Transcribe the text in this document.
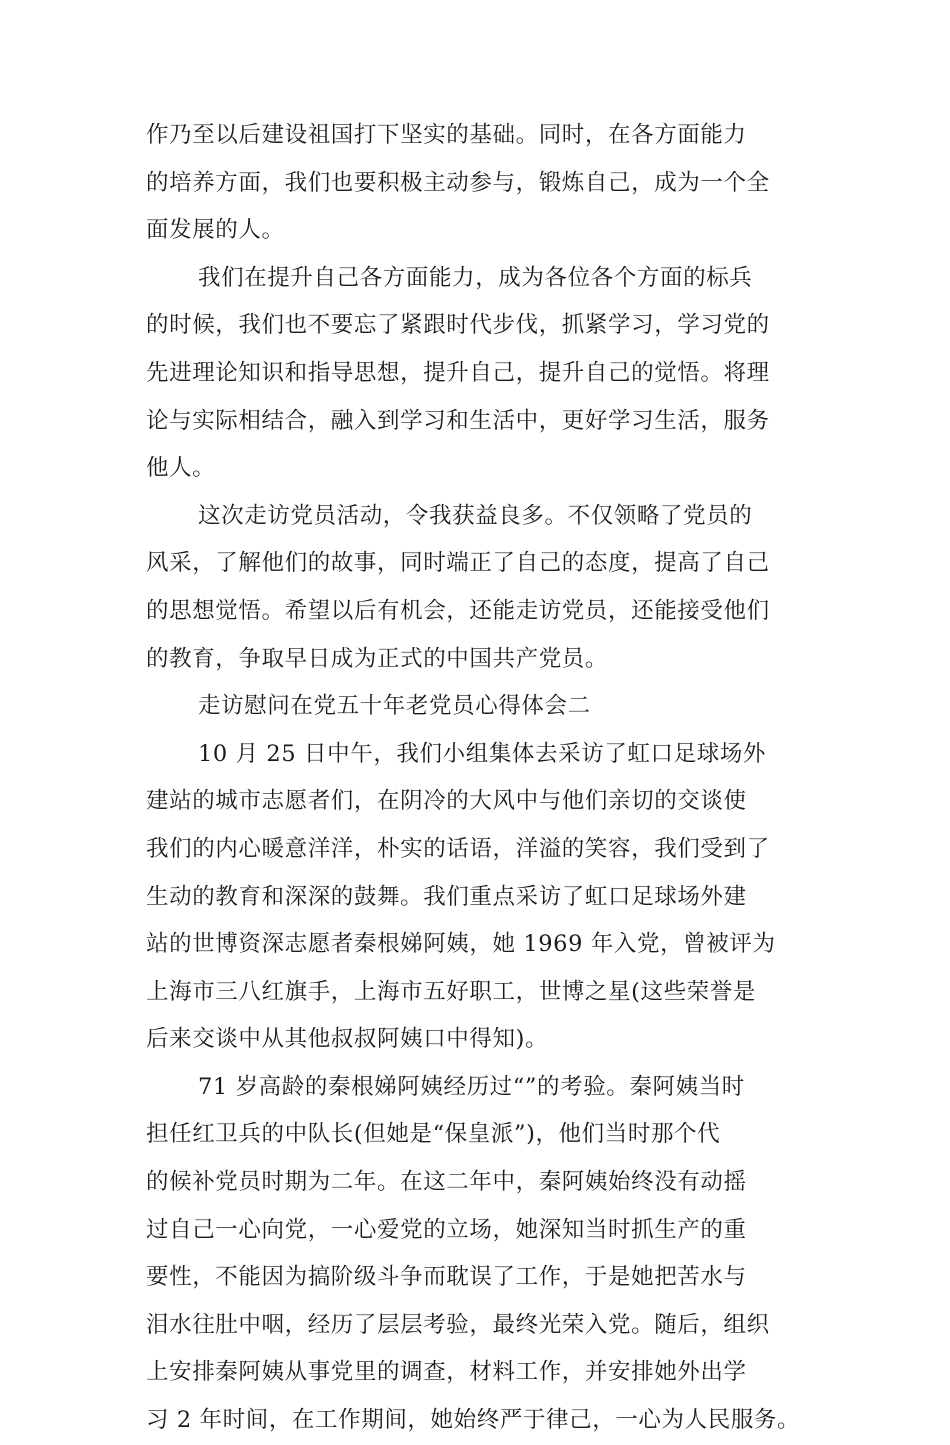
作乃至以后建设祖国打下坚实的基础。同时，在各方面能力
的培养方面，我们也要积极主动参与，锻炼自己，成为一个全
面发展的人。
我们在提升自己各方面能力，成为各位各个方面的标兵
的时候，我们也不要忘了紧跟时代步伐，抓紧学习，学习党的
先进理论知识和指导思想，提升自己，提升自己的觉悟。将理
论与实际相结合，融入到学习和生活中，更好学习生活，服务
他人。
这次走访党员活动，令我获益良多。不仅领略了党员的
风采，了解他们的故事，同时端正了自己的态度，提高了自己
的思想觉悟。希望以后有机会，还能走访党员，还能接受他们
的教育，争取早日成为正式的中国共产党员。
走访慰问在党五十年老党员心得体会二
10 月 25 日中午，我们小组集体去采访了虹口足球场外
建站的城市志愿者们，在阴冷的大风中与他们亲切的交谈使
我们的内心暖意洋洋，朴实的话语，洋溢的笑容，我们受到了
生动的教育和深深的鼓舞。我们重点采访了虹口足球场外建
站的世博资深志愿者秦根娣阿姨，她 1969 年入党，曾被评为
上海市三八红旗手，上海市五好职工，世博之星(这些荣誉是
后来交谈中从其他叔叔阿姨口中得知)。
71 岁高龄的秦根娣阿姨经历过“”的考验。秦阿姨当时
担任红卫兵的中队长(但她是“保皇派”)，他们当时那个代
的候补党员时期为二年。在这二年中，秦阿姨始终没有动摇
过自己一心向党，一心爱党的立场，她深知当时抓生产的重
要性，不能因为搞阶级斗争而耽误了工作，于是她把苦水与
泪水往肚中咽，经历了层层考验，最终光荣入党。随后，组织
上安排秦阿姨从事党里的调查，材料工作，并安排她外出学
习 2 年时间，在工作期间，她始终严于律己，一心为人民服务。
